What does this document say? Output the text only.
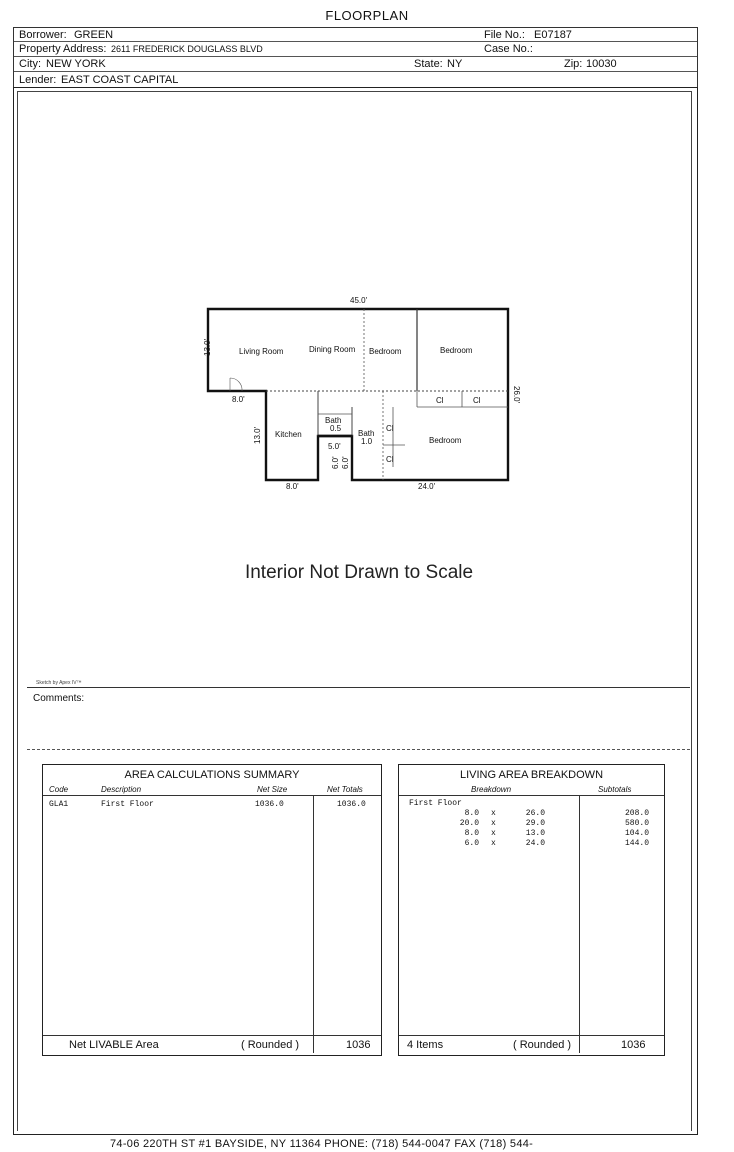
FLOORPLAN
Borrower: GREEN	File No.: E07187
Property Address: 2611 FREDERICK DOUGLASS BLVD	Case No.:
City: NEW YORK	State: NY	Zip: 10030
Lender: EAST COAST CAPITAL
45.0'
13.0'
8.0'	26.0'
13.0'
8.0'	24.0'
5.0'
6.0' 6.0'
Living Room	Dining Room Bedroom	Bedroom
Bedroom
Kitchen
Bath
0.5
Bath
1.0
Cl	Cl
Cl
Cl
Interior Not Drawn to Scale
Sketch by Apex IV™
Comments:
AREA CALCULATIONS SUMMARY
Code	Description	Net Size	Net Totals
GLA1	First Floor	1036.0	1036.0
Net LIVABLE Area	( Rounded )	1036
LIVING AREA BREAKDOWN
Breakdown	Subtotals
First Floor
8.0 x	26.0	208.0
20.0 x	29.0	580.0
8.0 x	13.0	104.0
6.0 x	24.0	144.0
4 Items	( Rounded )	1036
74-06 220TH ST #1 BAYSIDE, NY 11364 PHONE: (718) 544-0047 FAX (718) 544-
